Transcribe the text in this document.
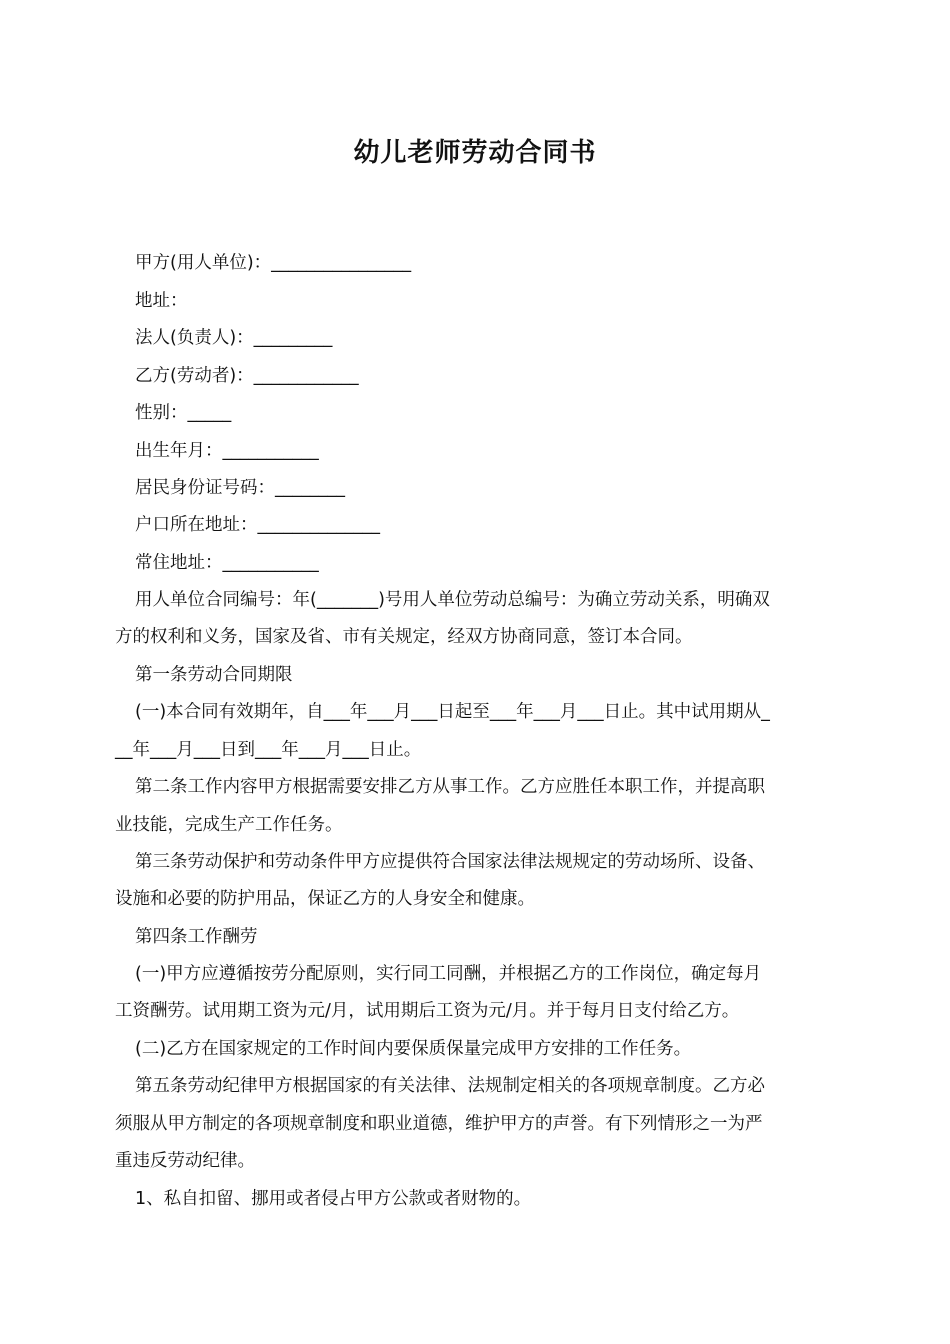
幼儿老师劳动合同书
甲方(用人单位)：________________
地址：
法人(负责人)：_________
乙方(劳动者)：____________
性别：_____
出生年月：___________
居民身份证号码：________
户口所在地址：______________
常住地址：___________
用人单位合同编号：年(_______)号用人单位劳动总编号：为确立劳动关系，明确双
方的权利和义务，国家及省、市有关规定，经双方协商同意，签订本合同。
第一条劳动合同期限
(一)本合同有效期年，自___年___月___日起至___年___月___日止。其中试用期从_
__年___月___日到___年___月___日止。
第二条工作内容甲方根据需要安排乙方从事工作。乙方应胜任本职工作，并提高职
业技能，完成生产工作任务。
第三条劳动保护和劳动条件甲方应提供符合国家法律法规规定的劳动场所、设备、
设施和必要的防护用品，保证乙方的人身安全和健康。
第四条工作酬劳
(一)甲方应遵循按劳分配原则，实行同工同酬，并根据乙方的工作岗位，确定每月
工资酬劳。试用期工资为元/月，试用期后工资为元/月。并于每月日支付给乙方。
(二)乙方在国家规定的工作时间内要保质保量完成甲方安排的工作任务。
第五条劳动纪律甲方根据国家的有关法律、法规制定相关的各项规章制度。乙方必
须服从甲方制定的各项规章制度和职业道德，维护甲方的声誉。有下列情形之一为严
重违反劳动纪律。
1、私自扣留、挪用或者侵占甲方公款或者财物的。
